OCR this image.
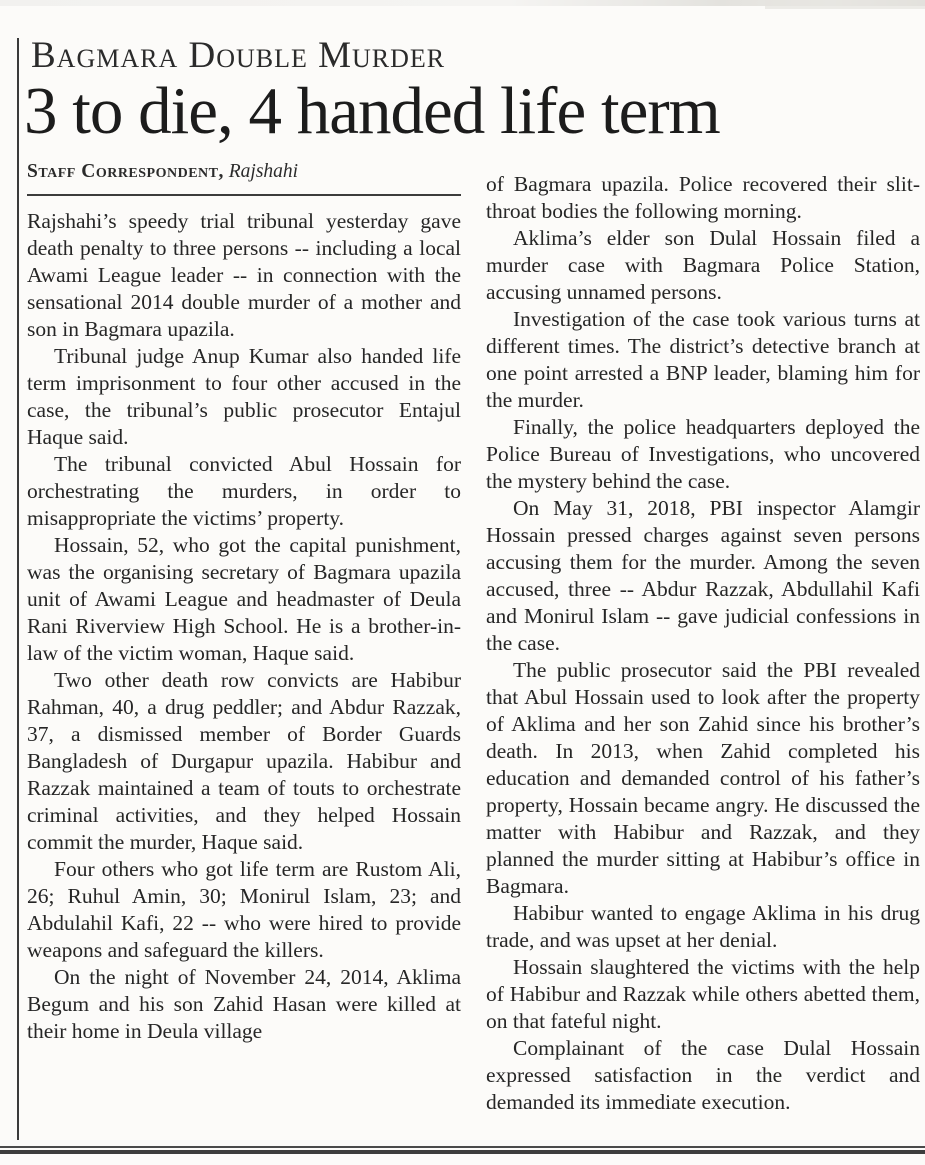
Bagmara Double Murder
3 to die, 4 handed life term
Staff Correspondent, Rajshahi

Rajshahi’s speedy trial tribunal yesterday gave death penalty to three persons -- including a local Awami League leader -- in connection with the sensational 2014 double murder of a mother and son in Bagmara upazila.

Tribunal judge Anup Kumar also handed life term imprisonment to four other accused in the case, the tribunal’s public prosecutor Entajul Haque said.

The tribunal convicted Abul Hossain for orchestrating the murders, in order to misappropriate the victims’ property.

Hossain, 52, who got the capital punishment, was the organising secretary of Bagmara upazila unit of Awami League and headmaster of Deula Rani Riverview High School. He is a brother-in-law of the victim woman, Haque said.

Two other death row convicts are Habibur Rahman, 40, a drug peddler; and Abdur Razzak, 37, a dismissed member of Border Guards Bangladesh of Durgapur upazila. Habibur and Razzak maintained a team of touts to orchestrate criminal activities, and they helped Hossain commit the murder, Haque said.

Four others who got life term are Rustom Ali, 26; Ruhul Amin, 30; Monirul Islam, 23; and Abdulahil Kafi, 22 -- who were hired to provide weapons and safeguard the killers.

On the night of November 24, 2014, Aklima Begum and his son Zahid Hasan were killed at their home in Deula village

of Bagmara upazila. Police recovered their slit-throat bodies the following morning.

Aklima’s elder son Dulal Hossain filed a murder case with Bagmara Police Station, accusing unnamed persons.

Investigation of the case took various turns at different times. The district’s detective branch at one point arrested a BNP leader, blaming him for the murder.

Finally, the police headquarters deployed the Police Bureau of Investigations, who uncovered the mystery behind the case.

On May 31, 2018, PBI inspector Alamgir Hossain pressed charges against seven persons accusing them for the murder. Among the seven accused, three -- Abdur Razzak, Abdullahil Kafi and Monirul Islam -- gave judicial confessions in the case.

The public prosecutor said the PBI revealed that Abul Hossain used to look after the property of Aklima and her son Zahid since his brother’s death. In 2013, when Zahid completed his education and demanded control of his father’s property, Hossain became angry. He discussed the matter with Habibur and Razzak, and they planned the murder sitting at Habibur’s office in Bagmara.

Habibur wanted to engage Aklima in his drug trade, and was upset at her denial.

Hossain slaughtered the victims with the help of Habibur and Razzak while others abetted them, on that fateful night.

Complainant of the case Dulal Hossain expressed satisfaction in the verdict and demanded its immediate execution.
